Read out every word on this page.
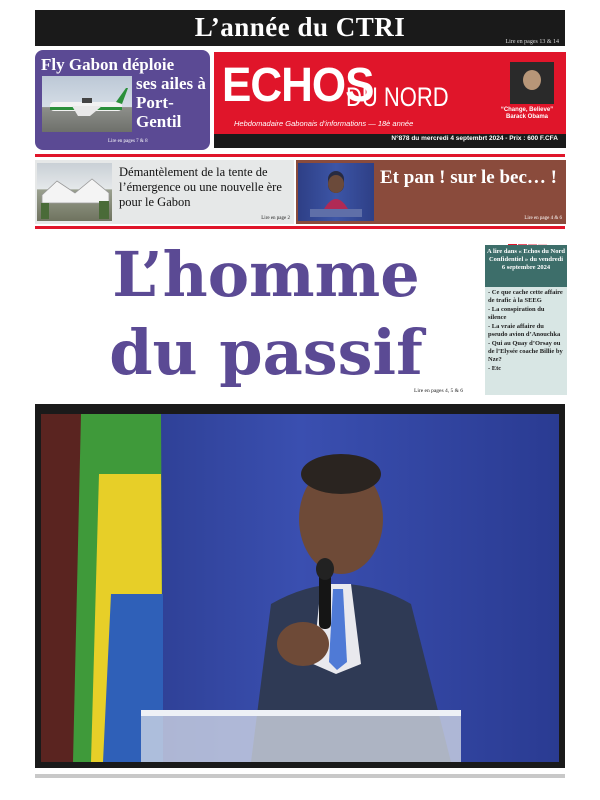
L’année du CTRI	Lire en pages 13 & 14
Fly Gabon déploie
ses ailes à Port-Gentil
Lire en pages 7 & 8
ECHOS
DU NORD
Hebdomadaire Gabonais d’informations — 18è année
“Change, Believe”
Barack Obama
N°878 du mercredi 4 septembrt 2024 - Prix : 600 F.CFA
Démantèlement de la tente de l’émergence ou une nouvelle ère pour le Gabon
Lire en page 2
Et pan ! sur le bec… !
Lire en page 4 & 6
L’homme
du passif
Lire en pages 4, 5 & 6
A lire dans « Echos du Nord Confidentiel » du vendredi 6 septembre 2024
- Ce que cache cette affaire de trafic à la SEEG
- La conspiration du silence
- La vraie affaire du pseudo avion d’Anouchka
- Qui au Quay d’Orsay ou de l’Elysée coache Billie by Nze?
- Etc
